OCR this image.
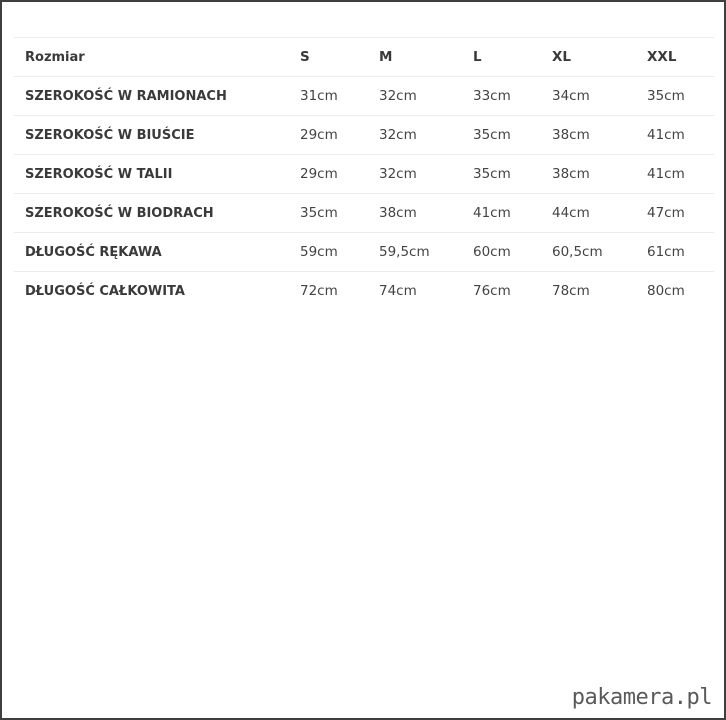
Rozmiar	S	M	L	XL	XXL
SZEROKOŚĆ W RAMIONACH	31cm	32cm	33cm	34cm	35cm
SZEROKOŚĆ W BIUŚCIE	29cm	32cm	35cm	38cm	41cm
SZEROKOŚĆ W TALII	29cm	32cm	35cm	38cm	41cm
SZEROKOŚĆ W BIODRACH	35cm	38cm	41cm	44cm	47cm
DŁUGOŚĆ RĘKAWA	59cm	59,5cm	60cm	60,5cm	61cm
DŁUGOŚĆ CAŁKOWITA	72cm	74cm	76cm	78cm	80cm
pakamera.pl
